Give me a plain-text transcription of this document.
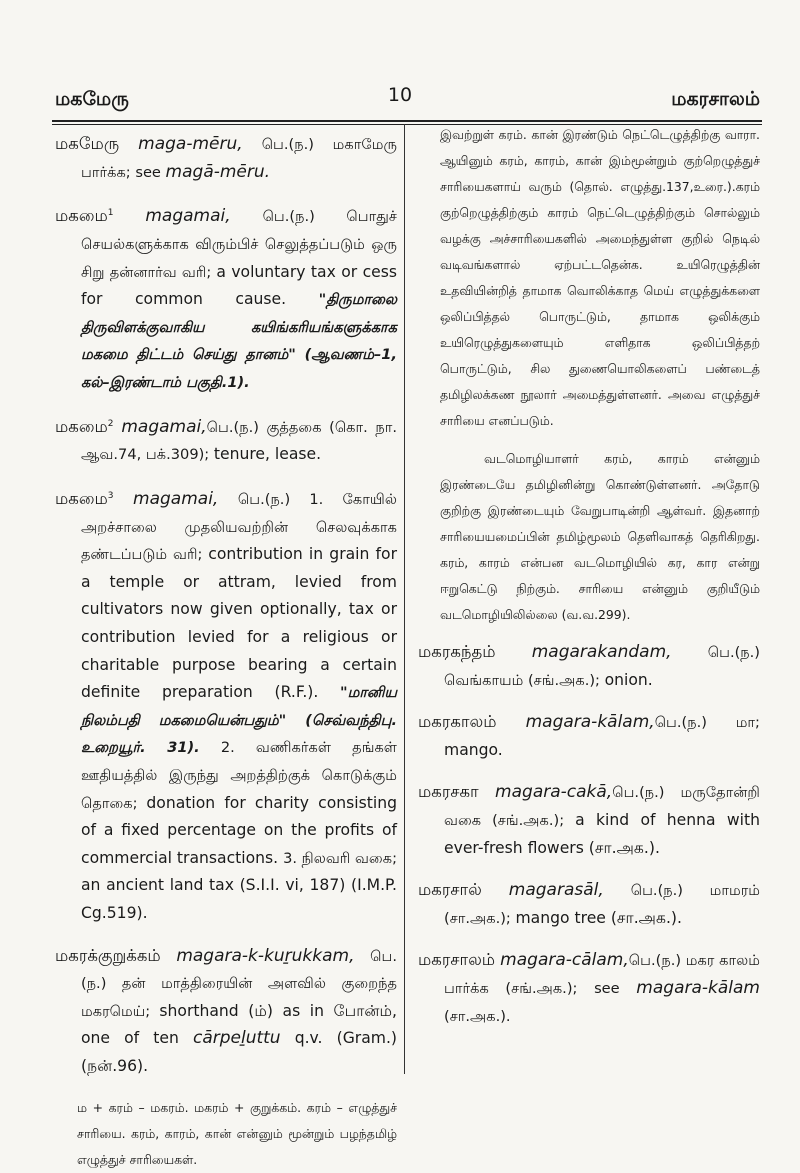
மகமேரு	10	மகரசாலம்

மகமேரு maga-mēru, பெ.(ந.) மகாமேரு பார்க்க; see magā-mēru.

மகமை$^1$ magamai, பெ.(ந.) பொதுச் செயல்களுக்காக விரும்பிச் செலுத்தப்படும் ஒரு சிறு தன்னார்வ வரி; a voluntary tax or cess for common cause. "திருமாலை திருவிளக்குவாகிய கயிங்கரியங்களுக்காக மகமை திட்டம் செய்து தானம்" (ஆவணம்–1, கல்–இரண்டாம் பகுதி.1).

மகமை$^2$ magamai,பெ.(ந.) குத்தகை (கொ. நா. ஆவ.74, பக்.309); tenure, lease.

மகமை$^3$ magamai, பெ.(ந.) 1. கோயில் அறச்சாலை முதலியவற்றின் செலவுக்காக தண்டப்படும் வரி; contribution in grain for a temple or attram, levied from cultivators now given optionally, tax or contribution levied for a religious or charitable purpose bearing a certain definite preparation (R.F.). "மானிய நிலம்பதி மகமையென்பதும்" (செவ்வந்திபு. உறையூர். 31). 2. வணிகர்கள் தங்கள் ஊதியத்தில் இருந்து அறத்திற்குக் கொடுக்கும் தொகை; donation for charity consisting of a fixed percentage on the profits of commercial transactions. 3. நிலவரி வகை; an ancient land tax (S.I.I. vi, 187) (I.M.P. Cg.519).

மகரக்குறுக்கம் magara-k-kuṟukkam, பெ.(ந.) தன் மாத்திரையின் அளவில் குறைந்த மகரமெய்; shorthand (ம்) as in போன்ம், one of ten cārpeḻuttu q.v. (Gram.) (நன்.96).

ம + கரம் – மகரம். மகரம் + குறுக்கம். கரம் – எழுத்துச் சாரியை. கரம், காரம், கான் என்னும் மூன்றும் பழந்தமிழ் எழுத்துச் சாரியைகள்.

இவற்றுள் கரம். கான் இரண்டும் நெட்டெழுத்திற்கு வாரா. ஆயினும் கரம், காரம், கான் இம்மூன்றும் குற்றெழுத்துச் சாரியைகளாய் வரும் (தொல். எழுத்து.137,உரை.).கரம் குற்றெழுத்திற்கும் காரம் நெட்டெழுத்திற்கும் சொல்லும் வழக்கு அச்சாரியைகளில் அமைந்துள்ள குறில் நெடில் வடிவங்களால் ஏற்பட்டதென்க. உயிரெழுத்தின் உதவியின்றித் தாமாக வொலிக்காத மெய் எழுத்துக்களை ஒலிப்பித்தல் பொருட்டும், தாமாக ஒலிக்கும் உயிரெழுத்துகளையும் எளிதாக ஒலிப்பித்தற் பொருட்டும், சில துணையொலிகளைப் பண்டைத் தமிழிலக்கண நூலார் அமைத்துள்ளனர். அவை எழுத்துச் சாரியை எனப்படும்.

வடமொழியாளர் கரம், காரம் என்னும் இரண்டையே தமிழினின்று கொண்டுள்ளனர். அதோடு குறிற்கு இரண்டையும் வேறுபாடின்றி ஆள்வர். இதனாற் சாரியையமைப்பின் தமிழ்மூலம் தெளிவாகத் தெரிகிறது. கரம், காரம் என்பன வடமொழியில் கர, கார என்று ஈறுகெட்டு நிற்கும். சாரியை என்னும் குறியீடும் வடமொழியிலில்லை (வ.வ.299).

மகரகந்தம் magarakandam, பெ.(ந.) வெங்காயம் (சங்.அக.); onion.

மகரகாலம் magara-kālam,பெ.(ந.) மா; mango.

மகரசகா magara-cakā,பெ.(ந.) மருதோன்றி வகை (சங்.அக.); a kind of henna with ever-fresh flowers (சா.அக.).

மகரசால் magarasāl, பெ.(ந.) மாமரம் (சா.அக.); mango tree (சா.அக.).

மகரசாலம் magara-cālam,பெ.(ந.) மகர காலம் பார்க்க (சங்.அக.); see magara-kālam (சா.அக.).
